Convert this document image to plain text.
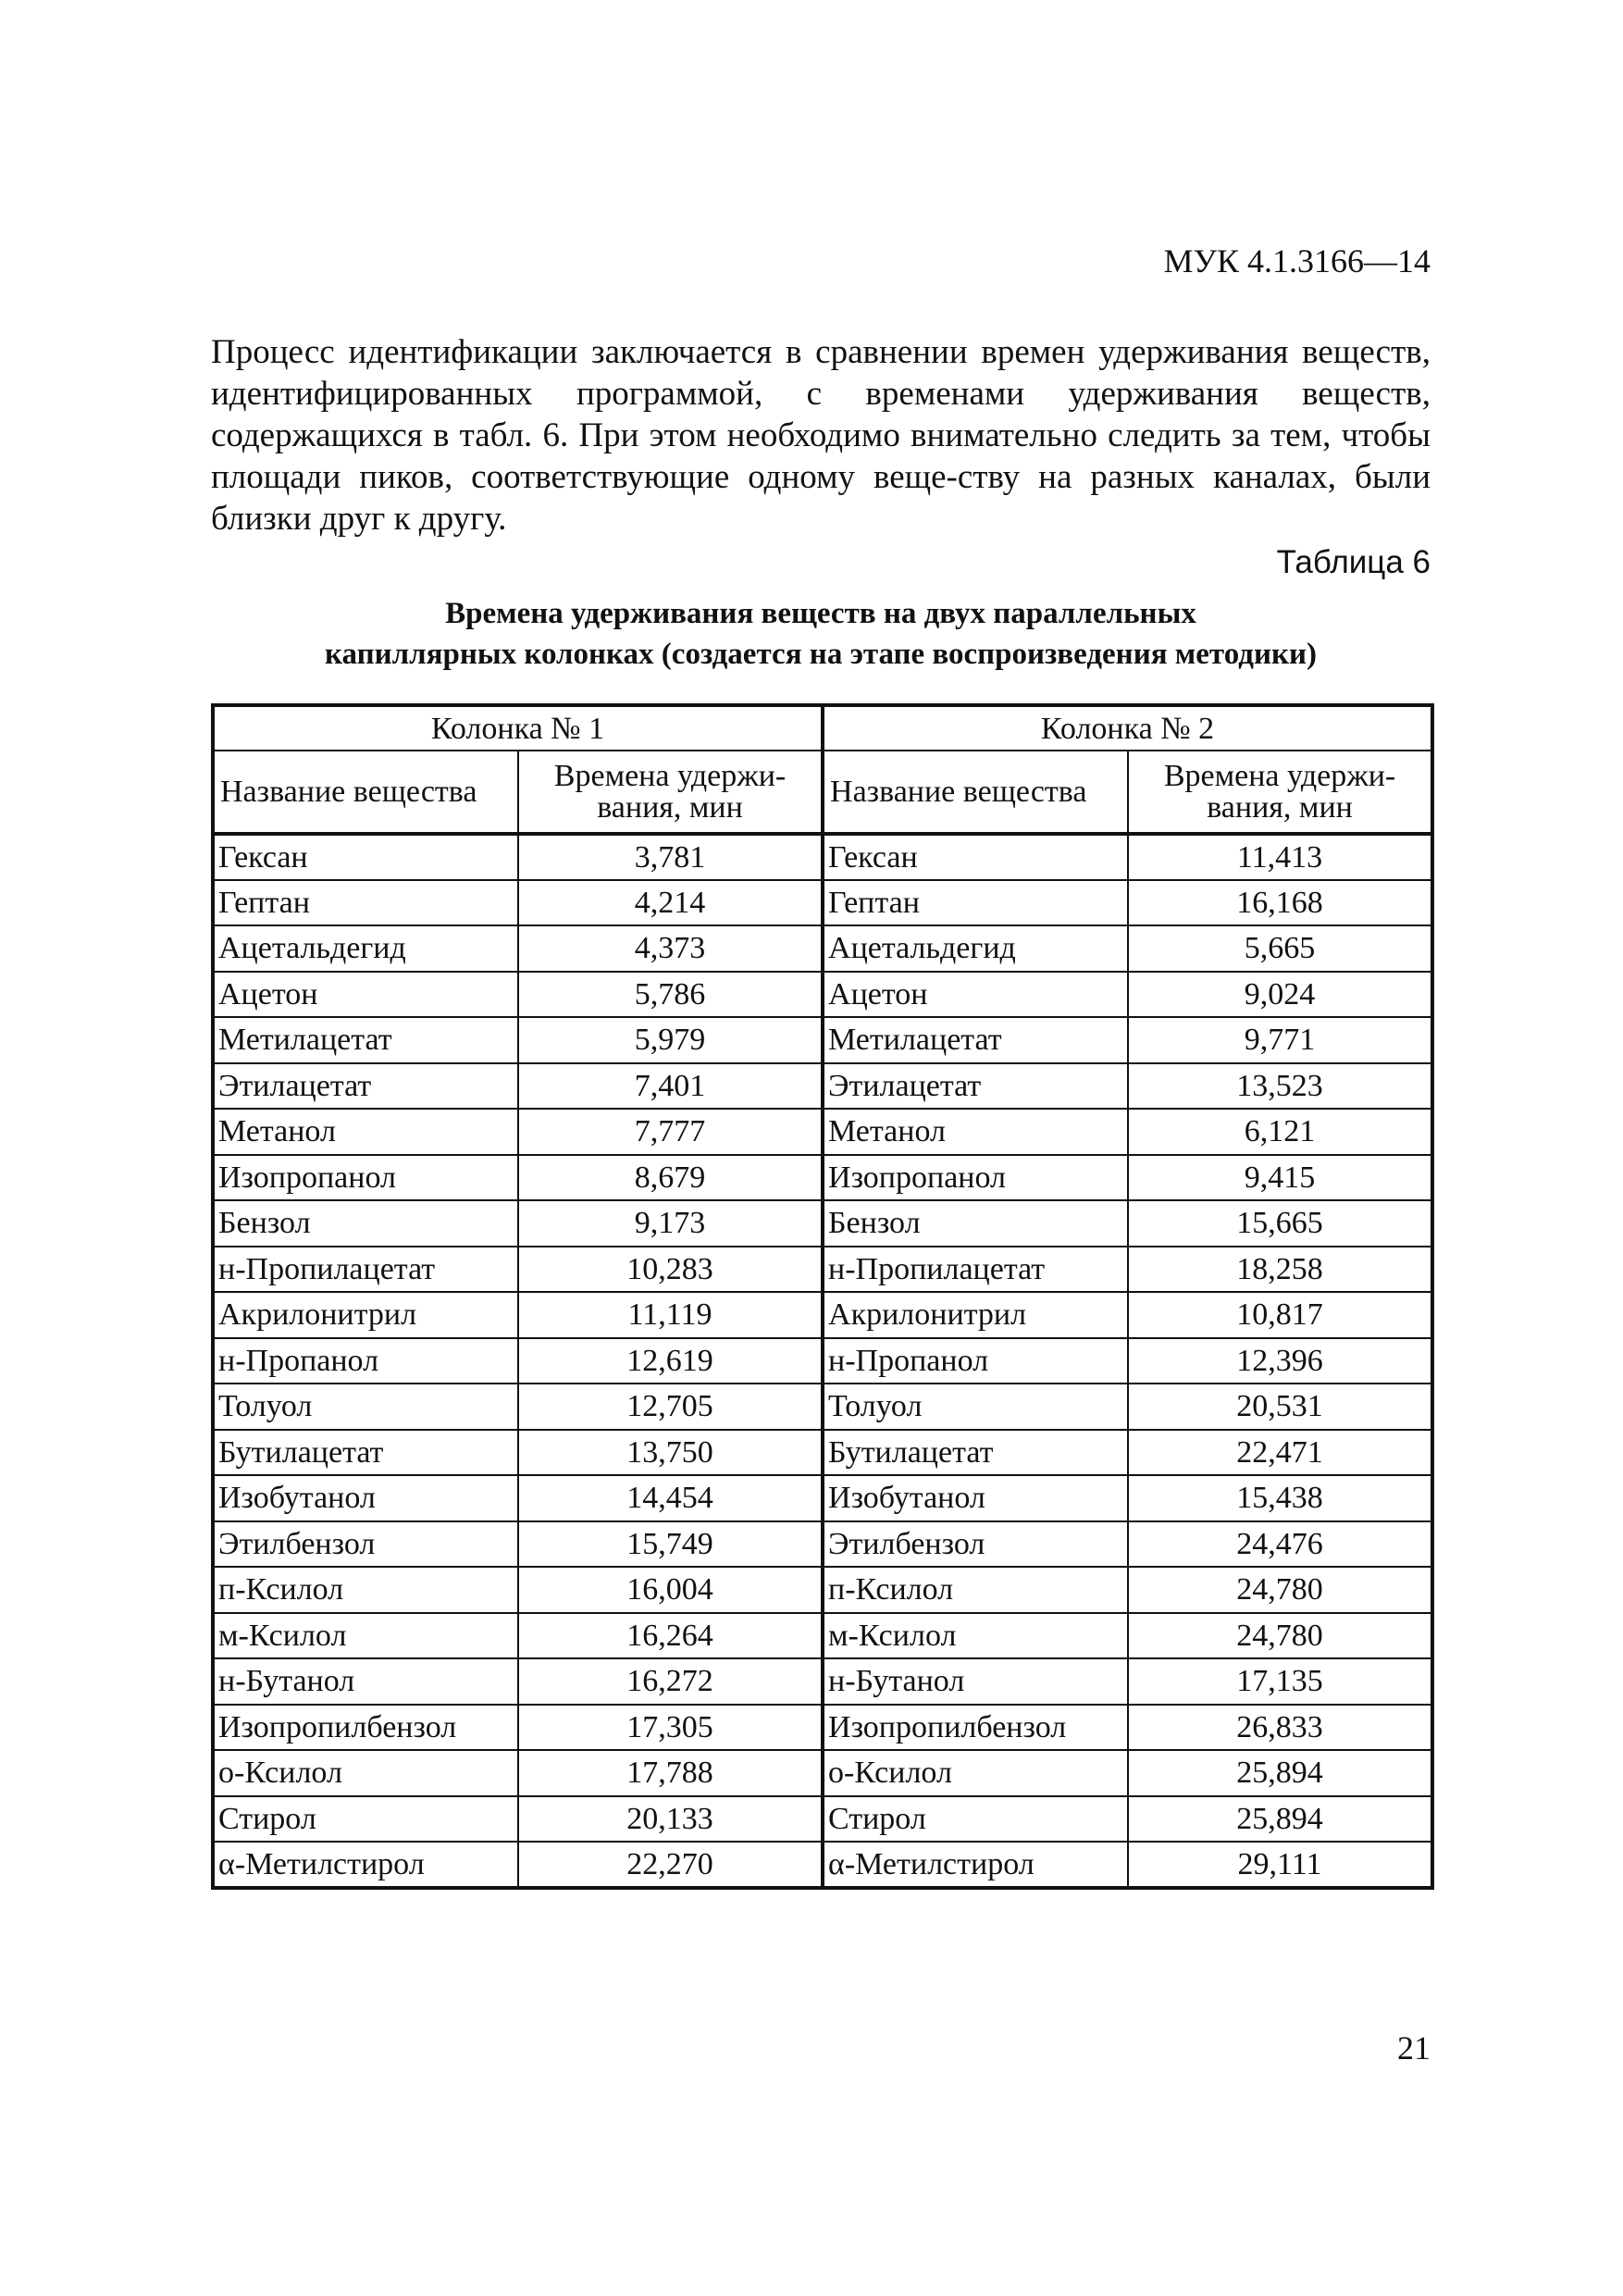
МУК 4.1.3166—14

Процесс идентификации заключается в сравнении времен удерживания веществ, идентифицированных программой, с временами удерживания веществ, содержащихся в табл. 6. При этом необходимо внимательно следить за тем, чтобы площади пиков, соответствующие одному веще-ству на разных каналах, были близки друг к другу.

Таблица 6
Времена удерживания веществ на двух параллельных
капиллярных колонках (создается на этапе воспроизведения методики)
Колонка № 1		Колонка № 2	
Название вещества	Времена удержи-вания, мин	Название вещества	Времена удержи-вания, мин
Гексан	3,781	Гексан	11,413
Гептан	4,214	Гептан	16,168
Ацетальдегид	4,373	Ацетальдегид	5,665
Ацетон	5,786	Ацетон	9,024
Метилацетат	5,979	Метилацетат	9,771
Этилацетат	7,401	Этилацетат	13,523
Метанол	7,777	Метанол	6,121
Изопропанол	8,679	Изопропанол	9,415
Бензол	9,173	Бензол	15,665
н-Пропилацетат	10,283	н-Пропилацетат	18,258
Акрилонитрил	11,119	Акрилонитрил	10,817
н-Пропанол	12,619	н-Пропанол	12,396
Толуол	12,705	Толуол	20,531
Бутилацетат	13,750	Бутилацетат	22,471
Изобутанол	14,454	Изобутанол	15,438
Этилбензол	15,749	Этилбензол	24,476
п-Ксилол	16,004	п-Ксилол	24,780
м-Ксилол	16,264	м-Ксилол	24,780
н-Бутанол	16,272	н-Бутанол	17,135
Изопропилбензол	17,305	Изопропилбензол	26,833
о-Ксилол	17,788	о-Ксилол	25,894
Стирол	20,133	Стирол	25,894
α-Метилстирол	22,270	α-Метилстирол	29,111
21
